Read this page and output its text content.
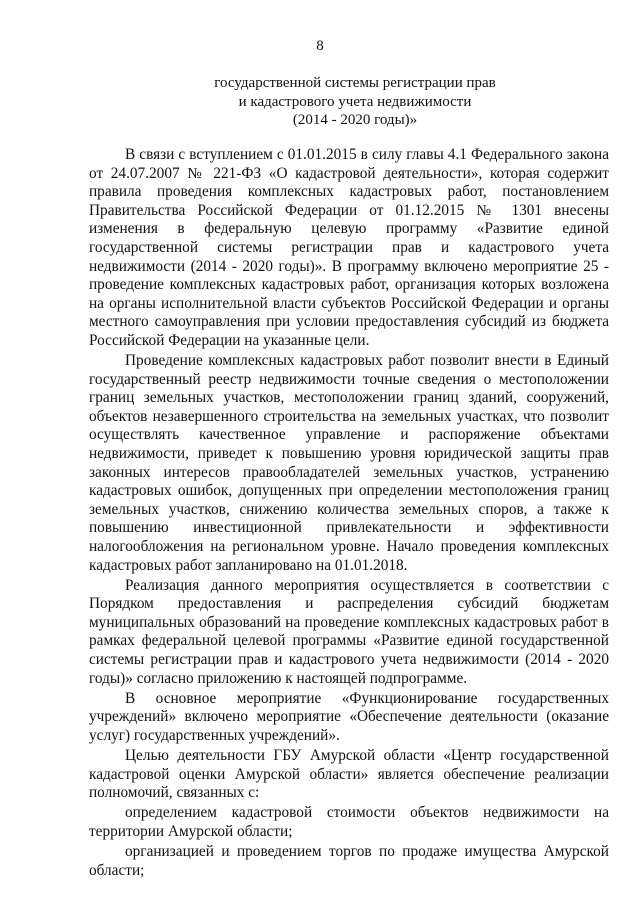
8
государственной системы регистрации прав
и кадастрового учета недвижимости
(2014 - 2020 годы)»

В связи с вступлением с 01.01.2015 в силу главы 4.1 Федерального закона от 24.07.2007 № 221-ФЗ «О кадастровой деятельности», которая содержит правила проведения комплексных кадастровых работ, постановлением Правительства Российской Федерации от 01.12.2015 № 1301 внесены изменения в федеральную целевую программу «Развитие единой государственной системы регистрации прав и кадастрового учета недвижимости (2014 - 2020 годы)». В программу включено мероприятие 25 - проведение комплексных кадастровых работ, организация которых возложена на органы исполнительной власти субъектов Российской Федерации и органы местного самоуправления при условии предоставления субсидий из бюджета Российской Федерации на указанные цели.

Проведение комплексных кадастровых работ позволит внести в Единый государственный реестр недвижимости точные сведения о местоположении границ земельных участков, местоположении границ зданий, сооружений, объектов незавершенного строительства на земельных участках, что позволит осуществлять качественное управление и распоряжение объектами недвижимости, приведет к повышению уровня юридической защиты прав законных интересов правообладателей земельных участков, устранению кадастровых ошибок, допущенных при определении местоположения границ земельных участков, снижению количества земельных споров, а также к повышению инвестиционной привлекательности и эффективности налогообложения на региональном уровне. Начало проведения комплексных кадастровых работ запланировано на 01.01.2018.

Реализация данного мероприятия осуществляется в соответствии с Порядком предоставления и распределения субсидий бюджетам муниципальных образований на проведение комплексных кадастровых работ в рамках федеральной целевой программы «Развитие единой государственной системы регистрации прав и кадастрового учета недвижимости (2014 - 2020 годы)» согласно приложению к настоящей подпрограмме.

В основное мероприятие «Функционирование государственных учреждений» включено мероприятие «Обеспечение деятельности (оказание услуг) государственных учреждений».

Целью деятельности ГБУ Амурской области «Центр государственной кадастровой оценки Амурской области» является обеспечение реализации полномочий, связанных с:

определением кадастровой стоимости объектов недвижимости на территории Амурской области;

организацией и проведением торгов по продаже имущества Амурской области;
